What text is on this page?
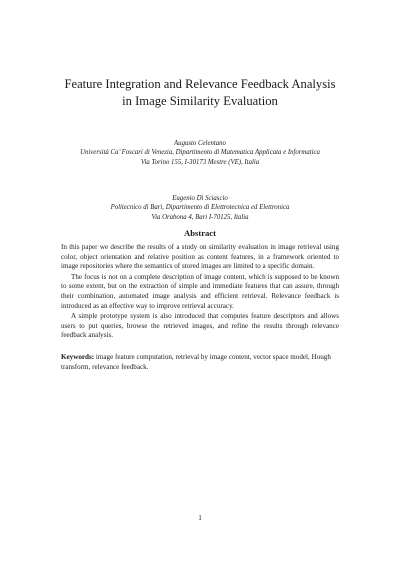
Feature Integration and Relevance Feedback Analysis
in Image Similarity Evaluation
Augusto Celentano
Università Ca’ Foscari di Venezia, Dipartimento di Matematica Applicata e Informatica
Via Torino 155, I-30173 Mestre (VE), Italia
Eugenio Di Sciascio
Politecnico di Bari, Dipartimento di Elettrotecnica ed Elettronica
Via Orabona 4, Bari I-70125, Italia
Abstract

In this paper we describe the results of a study on similarity evaluation in image retrieval using color, object orientation and relative position as content features, in a framework oriented to image repositories where the semantics of stored images are limited to a specific domain.

The focus is not on a complete description of image content, which is supposed to be known to some extent, but on the extraction of simple and immediate features that can assure, through their combination, automated image analysis and efficient retrieval. Relevance feedback is introduced as an effective way to improve retrieval accuracy.

A simple prototype system is also introduced that computes feature descriptors and allows users to put queries, browse the retrieved images, and refine the results through relevance feedback analysis.

Keywords: image feature computation, retrieval by image content, vector space model, Hough transform, relevance feedback.
1
